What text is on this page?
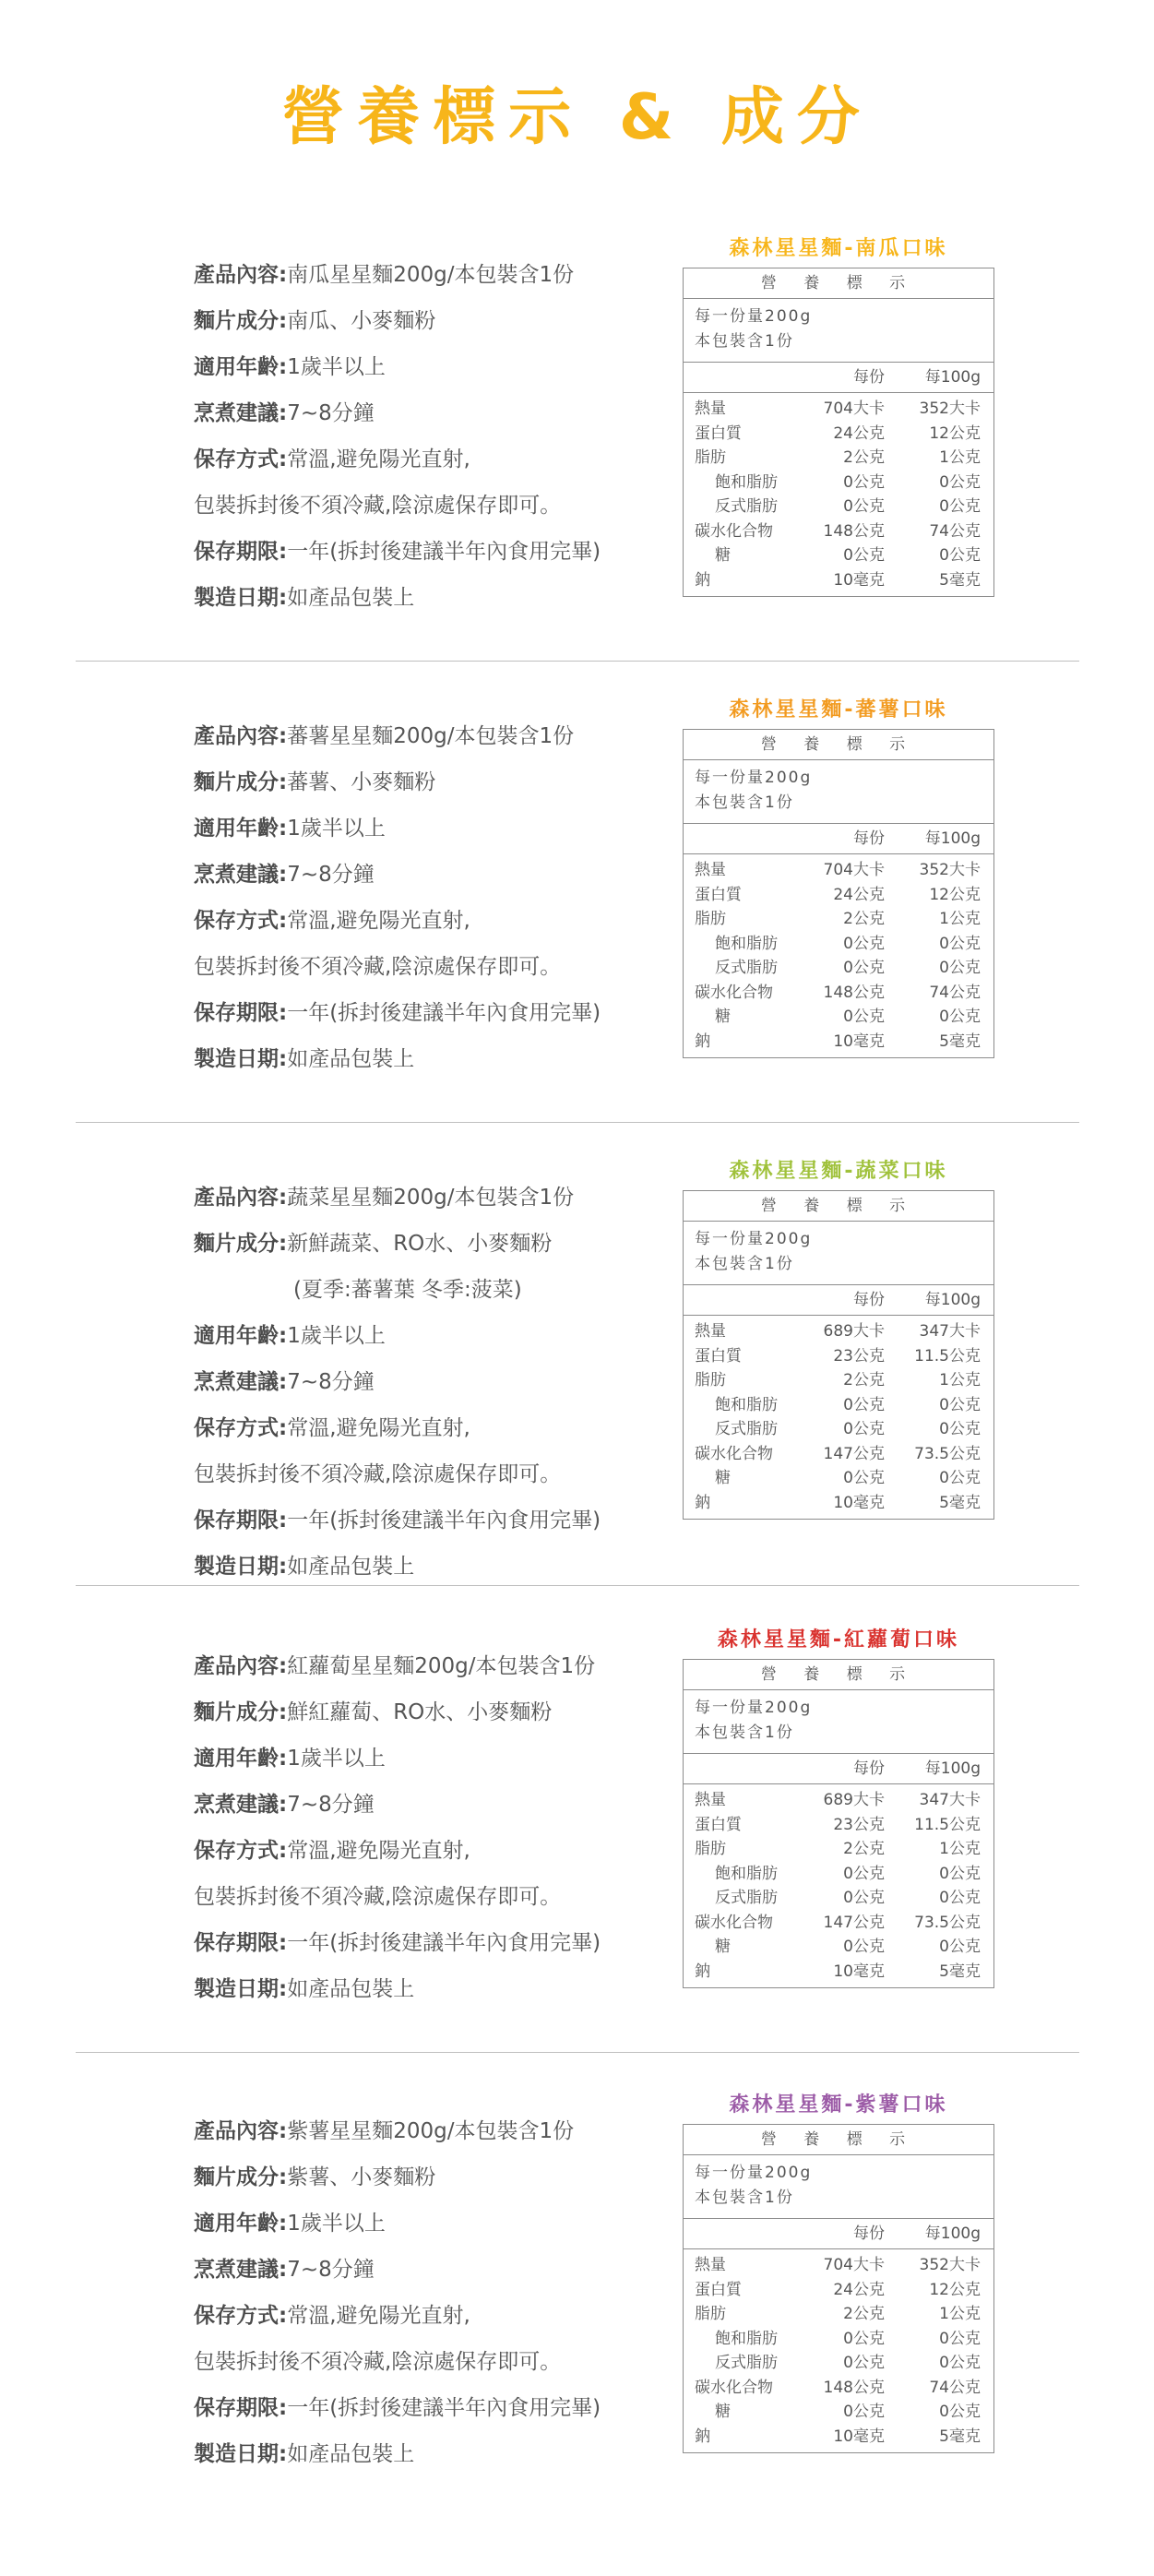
營養標示 & 成分
產品內容:南瓜星星麵200g/本包裝含1份
麵片成分:南瓜、小麥麵粉
適用年齡:1歲半以上
烹煮建議:7~8分鐘
保存方式:常溫,避免陽光直射,
包裝拆封後不須冷藏,陰涼處保存即可。
保存期限:一年(拆封後建議半年內食用完畢)
製造日期:如產品包裝上
森林星星麵-南瓜口味
營 養 標 示
每一份量200g
本包裝含1份
每份	每100g
熱量	704大卡 352大卡
蛋白質	24公克	12公克
脂肪	2公克	1公克
飽和脂肪	0公克	0公克
反式脂肪	0公克	0公克
碳水化合物	148公克	74公克
糖	0公克	0公克
鈉	10毫克	5毫克
產品內容:蕃薯星星麵200g/本包裝含1份
麵片成分:蕃薯、小麥麵粉
適用年齡:1歲半以上
烹煮建議:7~8分鐘
保存方式:常溫,避免陽光直射,
包裝拆封後不須冷藏,陰涼處保存即可。
保存期限:一年(拆封後建議半年內食用完畢)
製造日期:如產品包裝上
森林星星麵-蕃薯口味
營 養 標 示
每一份量200g
本包裝含1份
每份	每100g
熱量	704大卡 352大卡
蛋白質	24公克	12公克
脂肪	2公克	1公克
飽和脂肪	0公克	0公克
反式脂肪	0公克	0公克
碳水化合物	148公克	74公克
糖	0公克	0公克
鈉	10毫克	5毫克
產品內容:蔬菜星星麵200g/本包裝含1份
麵片成分:新鮮蔬菜、RO水、小麥麵粉
(夏季:蕃薯葉 冬季:菠菜)
適用年齡:1歲半以上
烹煮建議:7~8分鐘
保存方式:常溫,避免陽光直射,
包裝拆封後不須冷藏,陰涼處保存即可。
保存期限:一年(拆封後建議半年內食用完畢)
製造日期:如產品包裝上
森林星星麵-蔬菜口味
營 養 標 示
每一份量200g
本包裝含1份
每份	每100g
熱量	689大卡 347大卡
蛋白質	23公克 11.5公克
脂肪	2公克	1公克
飽和脂肪	0公克	0公克
反式脂肪	0公克	0公克
碳水化合物	147公克 73.5公克
糖	0公克	0公克
鈉	10毫克	5毫克
產品內容:紅蘿蔔星星麵200g/本包裝含1份
麵片成分:鮮紅蘿蔔、RO水、小麥麵粉
適用年齡:1歲半以上
烹煮建議:7~8分鐘
保存方式:常溫,避免陽光直射,
包裝拆封後不須冷藏,陰涼處保存即可。
保存期限:一年(拆封後建議半年內食用完畢)
製造日期:如產品包裝上
森林星星麵-紅蘿蔔口味
營 養 標 示
每一份量200g
本包裝含1份
每份	每100g
熱量	689大卡 347大卡
蛋白質	23公克 11.5公克
脂肪	2公克	1公克
飽和脂肪	0公克	0公克
反式脂肪	0公克	0公克
碳水化合物	147公克 73.5公克
糖	0公克	0公克
鈉	10毫克	5毫克
產品內容:紫薯星星麵200g/本包裝含1份
麵片成分:紫薯、小麥麵粉
適用年齡:1歲半以上
烹煮建議:7~8分鐘
保存方式:常溫,避免陽光直射,
包裝拆封後不須冷藏,陰涼處保存即可。
保存期限:一年(拆封後建議半年內食用完畢)
製造日期:如產品包裝上
森林星星麵-紫薯口味
營 養 標 示
每一份量200g
本包裝含1份
每份	每100g
熱量	704大卡 352大卡
蛋白質	24公克	12公克
脂肪	2公克	1公克
飽和脂肪	0公克	0公克
反式脂肪	0公克	0公克
碳水化合物	148公克	74公克
糖	0公克	0公克
鈉	10毫克	5毫克
